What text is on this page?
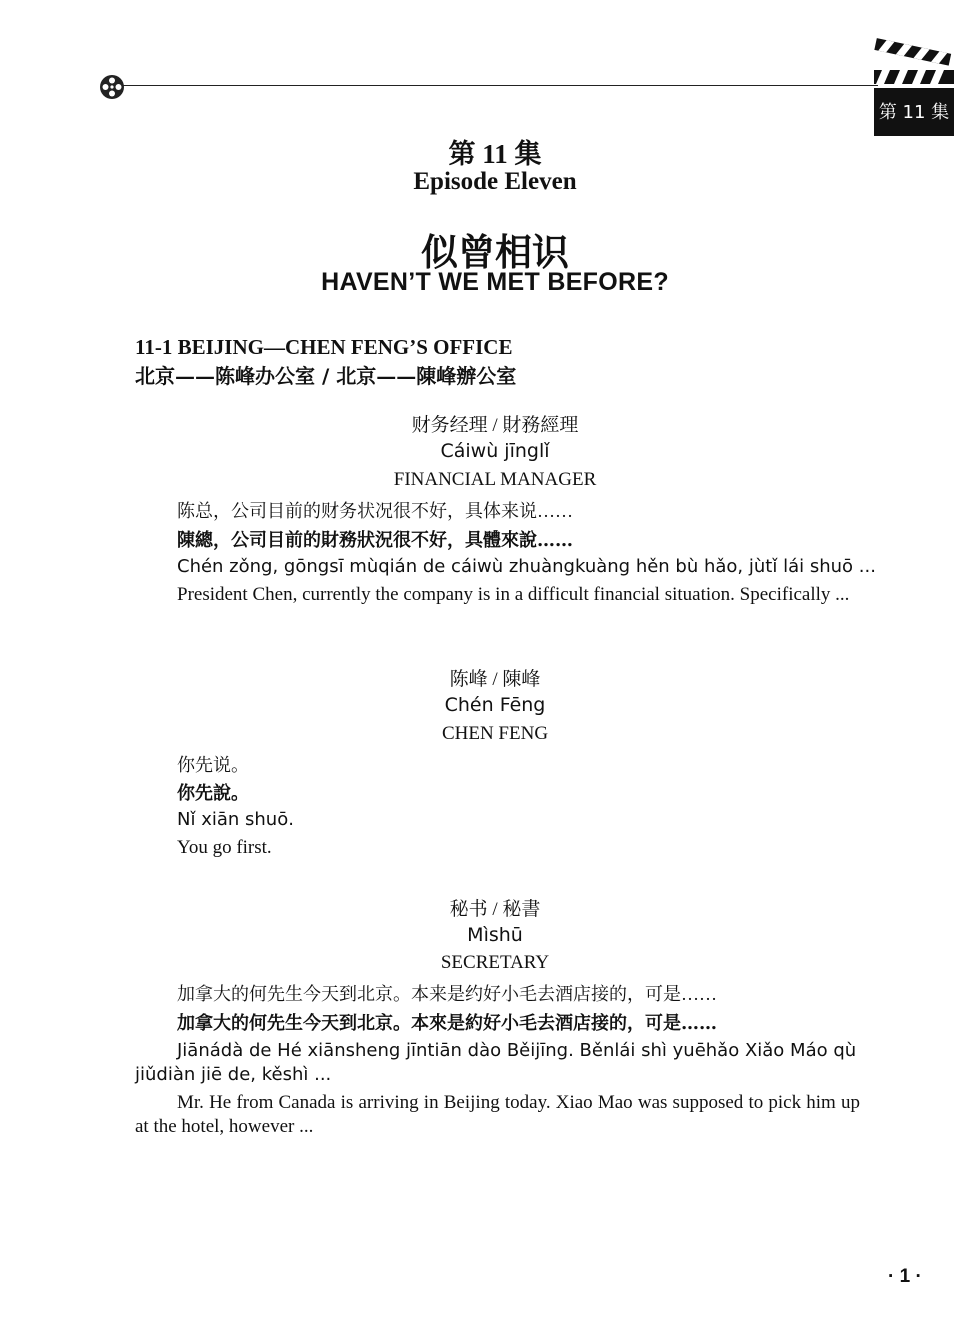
第 11 集
第 11 集
Episode Eleven
似曾相识
HAVEN’T WE MET BEFORE?
11-1 BEIJING—CHEN FENG’S OFFICE
北京——陈峰办公室 / 北京——陳峰辦公室
财务经理 / 財務經理
Cáiwù jīnglǐ
FINANCIAL MANAGER
陈总，公司目前的财务状况很不好，具体来说……
陳總，公司目前的財務狀況很不好，具體來說……
Chén zǒng, gōngsī mùqián de cáiwù zhuàngkuàng hěn bù hǎo, jùtǐ lái shuō ...
President Chen, currently the company is in a difficult financial situation. Specifically ...
陈峰 / 陳峰
Chén Fēng
CHEN FENG
你先说。
你先說。
Nǐ xiān shuō.
You go first.
秘书 / 秘書
Mìshū
SECRETARY
加拿大的何先生今天到北京。本来是约好小毛去酒店接的，可是……
加拿大的何先生今天到北京。本來是約好小毛去酒店接的，可是……
Jiānádà de Hé xiānsheng jīntiān dào Běijīng. Běnlái shì yuēhǎo Xiǎo Máo qù jiǔdiàn jiē de, kěshì ...
Mr. He from Canada is arriving in Beijing today. Xiao Mao was supposed to pick him up at the hotel, however ...
· 1 ·
